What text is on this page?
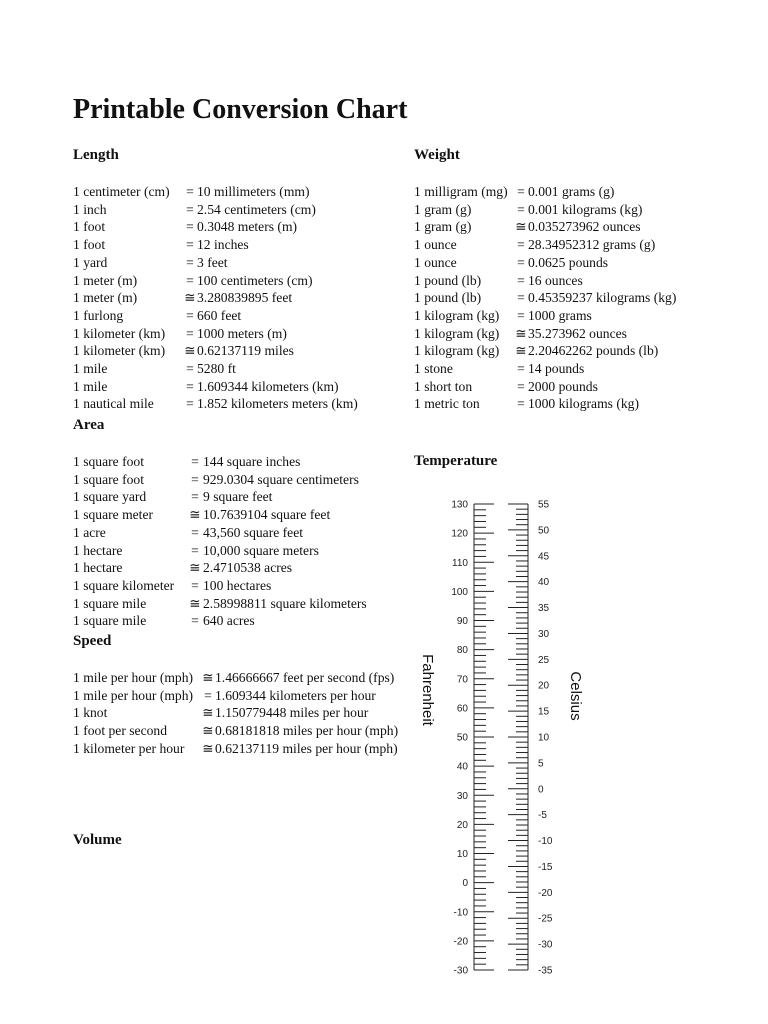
Printable Conversion Chart
Length
1 centimeter (cm)	=	10 millimeters (mm)
1 inch	=	2.54 centimeters (cm)
1 foot	=	0.3048 meters (m)
1 foot	=	12 inches
1 yard	=	3 feet
1 meter (m)	=	100 centimeters (cm)
1 meter (m)	≅	3.280839895 feet
1 furlong	=	660 feet
1 kilometer (km)	=	1000 meters (m)
1 kilometer (km)	≅	0.62137119 miles
1 mile	=	5280 ft
1 mile	=	1.609344 kilometers (km)
1 nautical mile	=	1.852 kilometers meters (km)
Area
1 square foot	=	144 square inches
1 square foot	=	929.0304 square centimeters
1 square yard	=	9 square feet
1 square meter	≅	10.7639104 square feet
1 acre	=	43,560 square feet
1 hectare	=	10,000 square meters
1 hectare	≅	2.4710538 acres
1 square kilometer	=	100 hectares
1 square mile	≅	2.58998811 square kilometers
1 square mile	=	640 acres
Speed
1 mile per hour (mph)	≅	1.46666667 feet per second (fps)
1 mile per hour (mph)	=	1.609344 kilometers per hour
1 knot	≅	1.150779448 miles per hour
1 foot per second	≅	0.68181818 miles per hour (mph)
1 kilometer per hour	≅	0.62137119 miles per hour (mph)
Volume
Weight
1 milligram (mg)	=	0.001 grams (g)
1 gram (g)	=	0.001 kilograms (kg)
1 gram (g)	≅	0.035273962 ounces
1 ounce	=	28.34952312 grams (g)
1 ounce	=	0.0625 pounds
1 pound (lb)	=	16 ounces
1 pound (lb)	=	0.45359237 kilograms (kg)
1 kilogram (kg)	=	1000 grams
1 kilogram (kg)	≅	35.273962 ounces
1 kilogram (kg)	≅	2.20462262 pounds (lb)
1 stone	=	14 pounds
1 short ton	=	2000 pounds
1 metric ton	=	1000 kilograms (kg)
Temperature
-30
-20
-10
0
10
20
30
40
50
60
70
80
90
100
110
120
130
-35
-30
-25
-20
-15
-10
-5
0
5
10
15
20
25
30
35
40
45
50
55
Fahrenheit	Celsius
